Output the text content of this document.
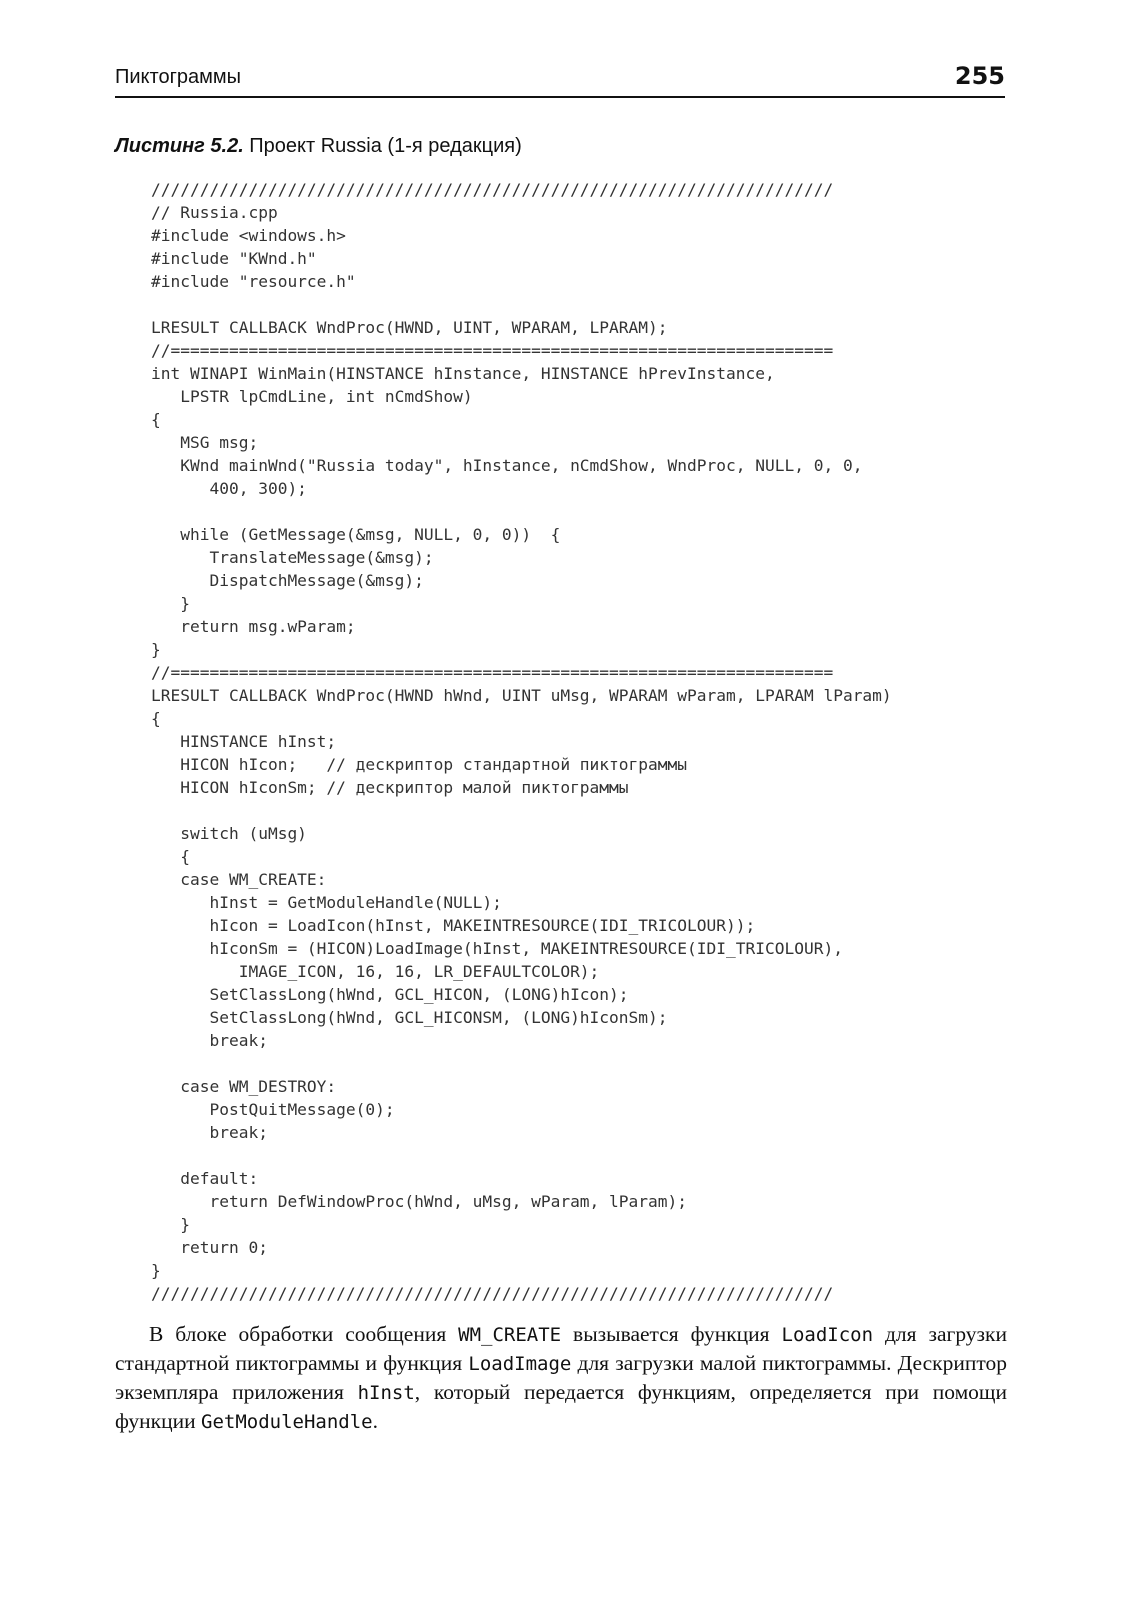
Пиктограммы	255
Листинг 5.2. Проект Russia (1-я редакция)
//////////////////////////////////////////////////////////////////////
// Russia.cpp
#include <windows.h>
#include "KWnd.h"
#include "resource.h"
LRESULT CALLBACK WndProc(HWND, UINT, WPARAM, LPARAM);
//====================================================================
int WINAPI WinMain(HINSTANCE hInstance, HINSTANCE hPrevInstance,
LPSTR lpCmdLine, int nCmdShow)
{
MSG msg;
KWnd mainWnd("Russia today", hInstance, nCmdShow, WndProc, NULL, 0, 0,
400, 300);
while (GetMessage(&msg, NULL, 0, 0))  {
TranslateMessage(&msg);
DispatchMessage(&msg);
}
return msg.wParam;
}
//====================================================================
LRESULT CALLBACK WndProc(HWND hWnd, UINT uMsg, WPARAM wParam, LPARAM lParam)
{
HINSTANCE hInst;
HICON hIcon;   // дескриптор стандартной пиктограммы
HICON hIconSm; // дескриптор малой пиктограммы
switch (uMsg)
{
case WM_CREATE:
hInst = GetModuleHandle(NULL);
hIcon = LoadIcon(hInst, MAKEINTRESOURCE(IDI_TRICOLOUR));
hIconSm = (HICON)LoadImage(hInst, MAKEINTRESOURCE(IDI_TRICOLOUR),
IMAGE_ICON, 16, 16, LR_DEFAULTCOLOR);
SetClassLong(hWnd, GCL_HICON, (LONG)hIcon);
SetClassLong(hWnd, GCL_HICONSM, (LONG)hIconSm);
break;
case WM_DESTROY:
PostQuitMessage(0);
break;
default:
return DefWindowProc(hWnd, uMsg, wParam, lParam);
}
return 0;
}
//////////////////////////////////////////////////////////////////////

В блоке обработки сообщения WM_CREATE вызывается функция LoadIcon для загрузки стандартной пиктограммы и функция LoadImage для загрузки малой пиктограммы. Дескриптор экземпляра приложения hInst, который передается функциям, определяется при помощи функции GetModuleHandle.
